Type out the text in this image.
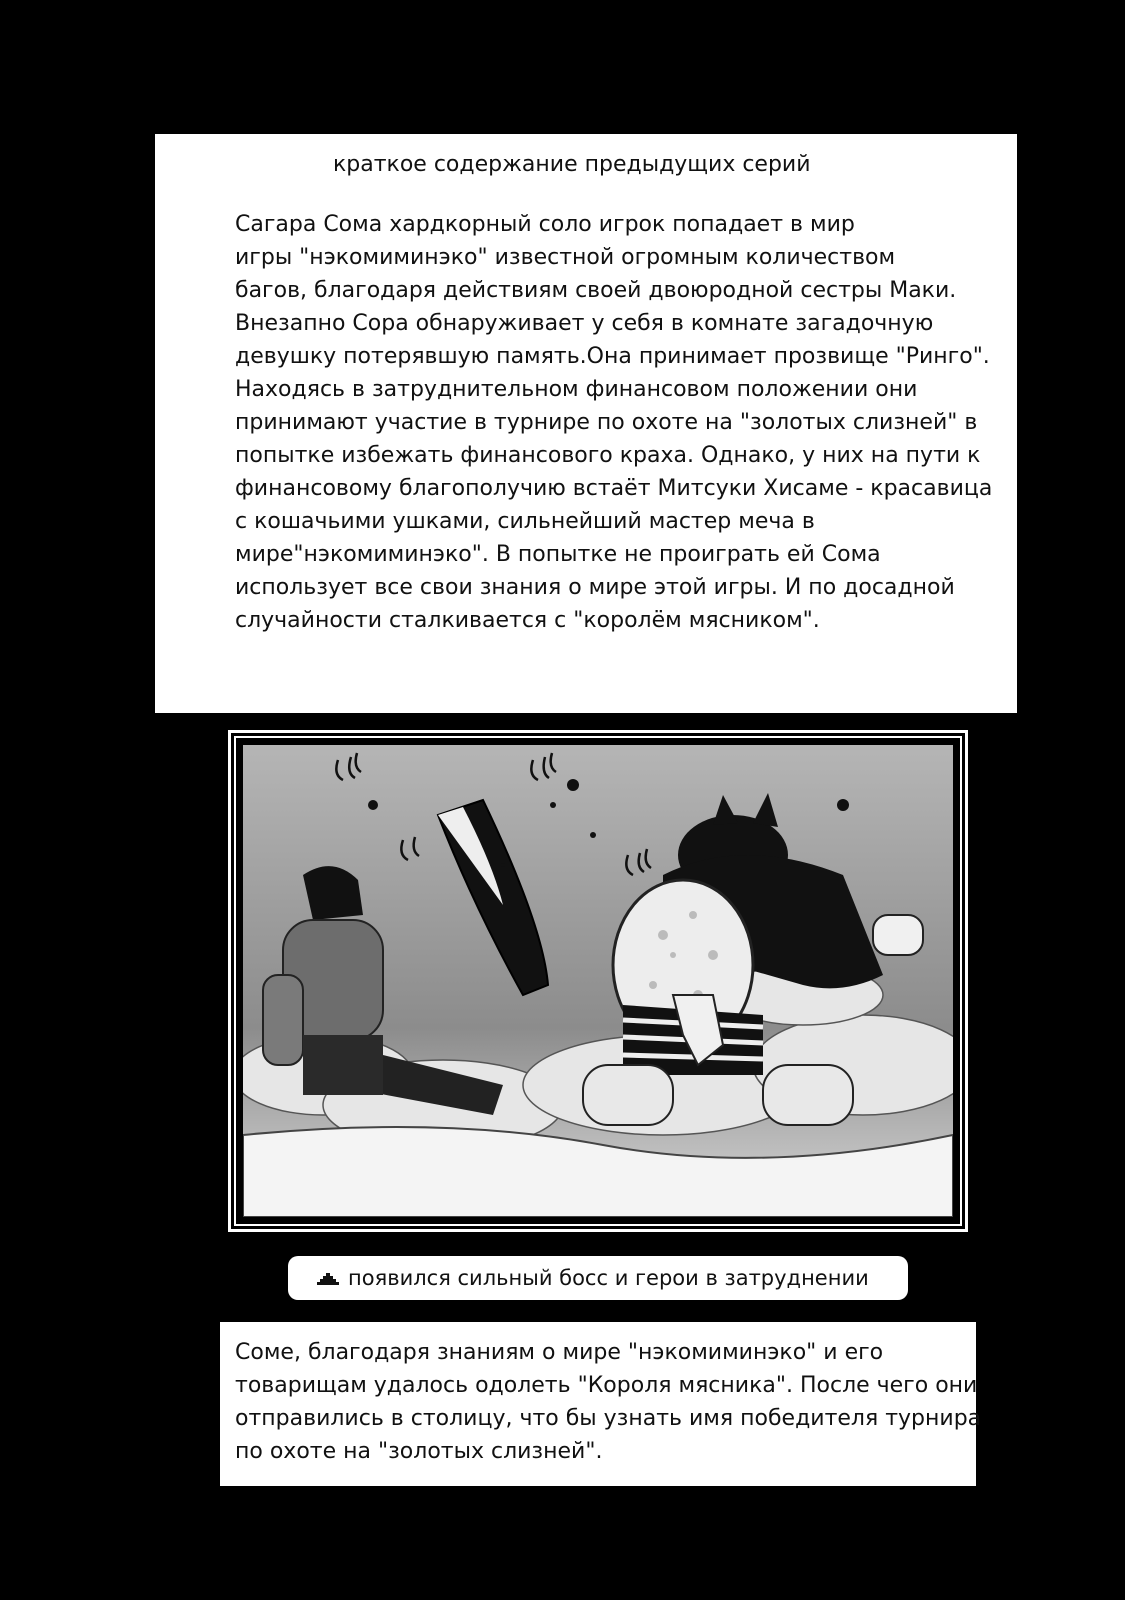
краткое содержание предыдущих серий
Сагара Сома хардкорный соло игрок попадает в мир
игры "нэкомиминэко" известной огромным количеством
багов, благодаря действиям своей двоюродной сестры Маки.
Внезапно Сора обнаруживает у себя в комнате загадочную
девушку потерявшую память.Она принимает прозвище "Ринго".
Находясь в затруднительном финансовом положении они
принимают участие в турнире по охоте на "золотых слизней" в
попытке избежать финансового краха. Однако, у них на пути к
финансовому благополучию встаёт Митсуки Хисаме - красавица
с кошачьими ушками, сильнейший мастер меча в
мире"нэкомиминэко". В попытке не проиграть ей Сома
использует все свои знания о мире этой игры. И по досадной
случайности сталкивается с "королём мясником".
появился сильный босс и герои в затруднении
Соме, благодаря знаниям о мире "нэкомиминэко" и его
товарищам удалось одолеть "Короля мясника". После чего они
отправились в столицу, что бы узнать имя победителя турнира
по охоте на "золотых слизней".
